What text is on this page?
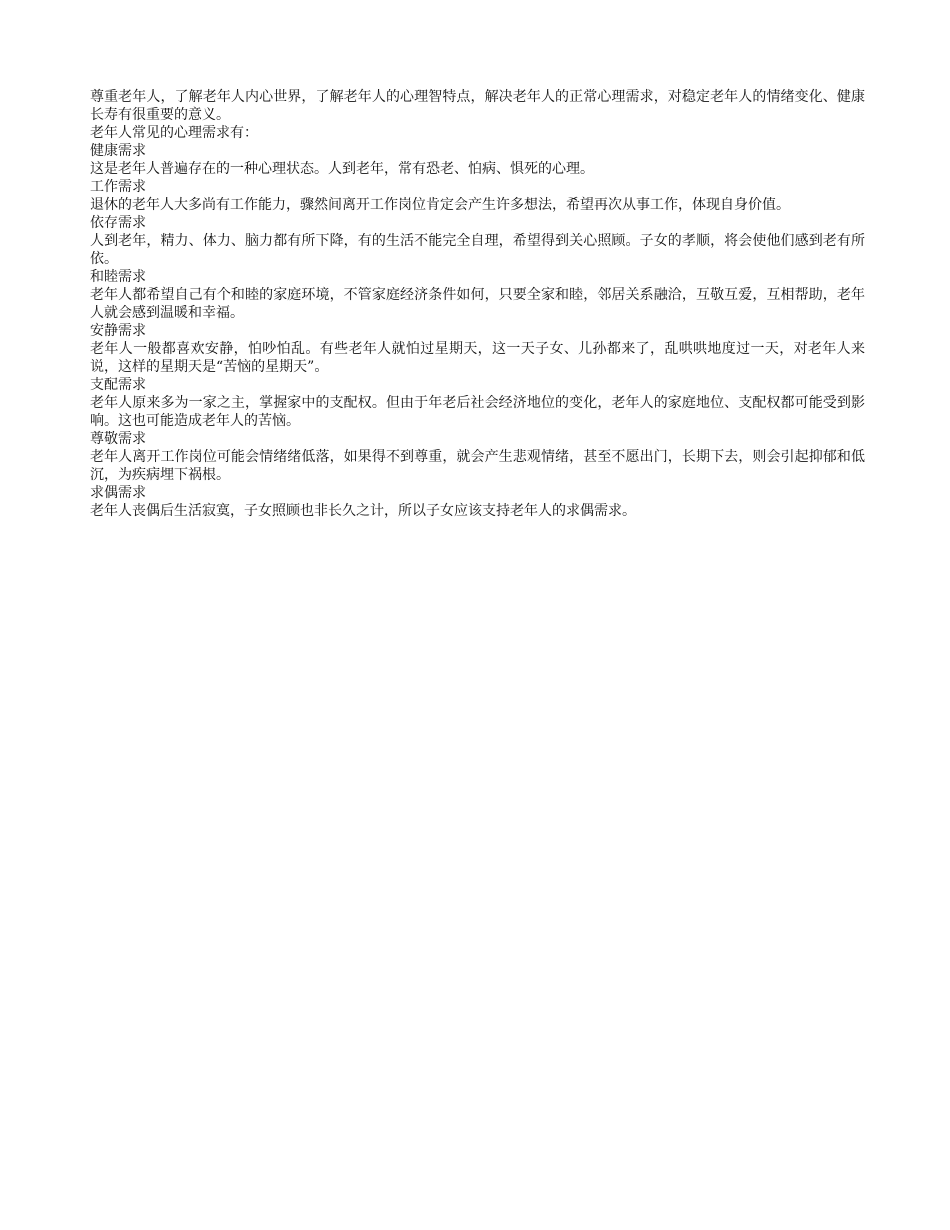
尊重老年人，了解老年人内心世界，了解老年人的心理智特点，解决老年人的正常心理需求，对稳定老年人的情绪变化、健康长寿有很重要的意义。

老年人常见的心理需求有：

健康需求

这是老年人普遍存在的一种心理状态。人到老年，常有恐老、怕病、惧死的心理。

工作需求

退休的老年人大多尚有工作能力，骤然间离开工作岗位肯定会产生许多想法，希望再次从事工作，体现自身价值。

依存需求

人到老年，精力、体力、脑力都有所下降，有的生活不能完全自理，希望得到关心照顾。子女的孝顺，将会使他们感到老有所依。

和睦需求

老年人都希望自己有个和睦的家庭环境，不管家庭经济条件如何，只要全家和睦，邻居关系融洽，互敬互爱，互相帮助，老年人就会感到温暖和幸福。

安静需求

老年人一般都喜欢安静，怕吵怕乱。有些老年人就怕过星期天，这一天子女、儿孙都来了，乱哄哄地度过一天，对老年人来说，这样的星期天是“苦恼的星期天”。

支配需求

老年人原来多为一家之主，掌握家中的支配权。但由于年老后社会经济地位的变化，老年人的家庭地位、支配权都可能受到影响。这也可能造成老年人的苦恼。

尊敬需求

老年人离开工作岗位可能会情绪绪低落，如果得不到尊重，就会产生悲观情绪，甚至不愿出门，长期下去，则会引起抑郁和低沉，为疾病埋下祸根。

求偶需求

老年人丧偶后生活寂寞，子女照顾也非长久之计，所以子女应该支持老年人的求偶需求。
